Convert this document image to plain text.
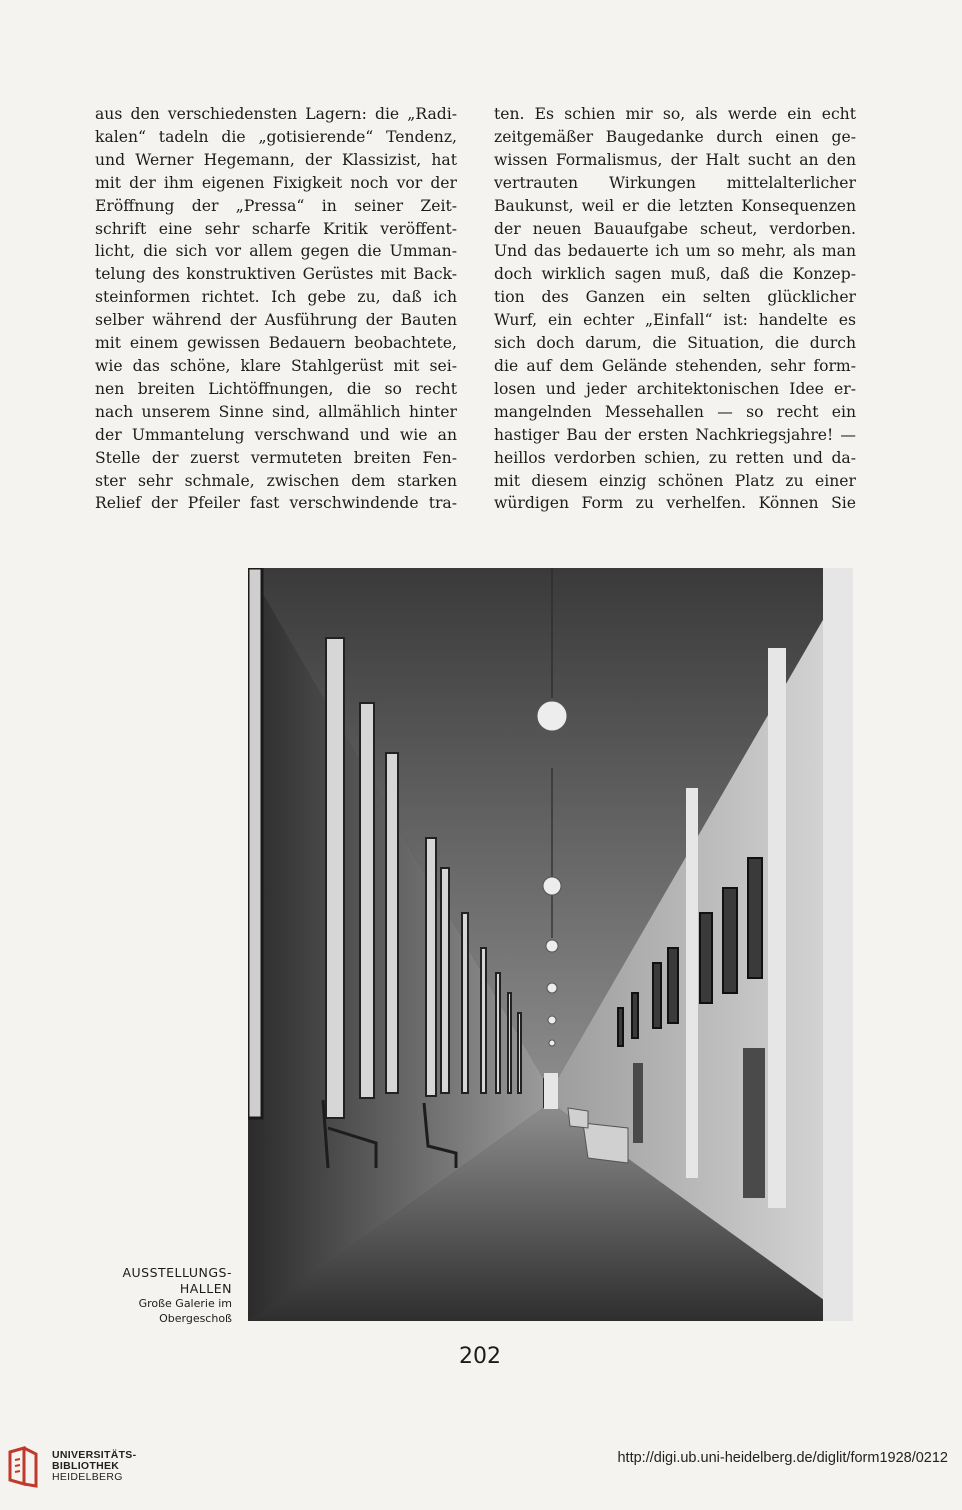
aus den verschiedensten Lagern: die „Radi-
kalen“ tadeln die „gotisierende“ Tendenz,
und Werner Hegemann, der Klassizist, hat
mit der ihm eigenen Fixigkeit noch vor der
Eröffnung der „Pressa“ in seiner Zeit-
schrift eine sehr scharfe Kritik veröffent-
licht, die sich vor allem gegen die Umman-
telung des konstruktiven Gerüstes mit Back-
steinformen richtet. Ich gebe zu, daß ich
selber während der Ausführung der Bauten
mit einem gewissen Bedauern beobachtete,
wie das schöne, klare Stahlgerüst mit sei-
nen breiten Lichtöffnungen, die so recht
nach unserem Sinne sind, allmählich hinter
der Ummantelung verschwand und wie an
Stelle der zuerst vermuteten breiten Fen-
ster sehr schmale, zwischen dem starken
Relief der Pfeiler fast verschwindende tra-
ten. Es schien mir so, als werde ein echt
zeitgemäßer Baugedanke durch einen ge-
wissen Formalismus, der Halt sucht an den
vertrauten Wirkungen mittelalterlicher
Baukunst, weil er die letzten Konsequenzen
der neuen Bauaufgabe scheut, verdorben.
Und das bedauerte ich um so mehr, als man
doch wirklich sagen muß, daß die Konzep-
tion des Ganzen ein selten glücklicher
Wurf, ein echter „Einfall“ ist: handelte es
sich doch darum, die Situation, die durch
die auf dem Gelände stehenden, sehr form-
losen und jeder architektonischen Idee er-
mangelnden Messehallen — so recht ein
hastiger Bau der ersten Nachkriegsjahre! —
heillos verdorben schien, zu retten und da-
mit diesem einzig schönen Platz zu einer
würdigen Form zu verhelfen. Können Sie
AUSSTELLUNGS-
HALLEN
Große Galerie im
Obergeschoß
202
UNIVERSITÄTS-
BIBLIOTHEK
HEIDELBERG
http://digi.ub.uni-heidelberg.de/diglit/form1928/0212
